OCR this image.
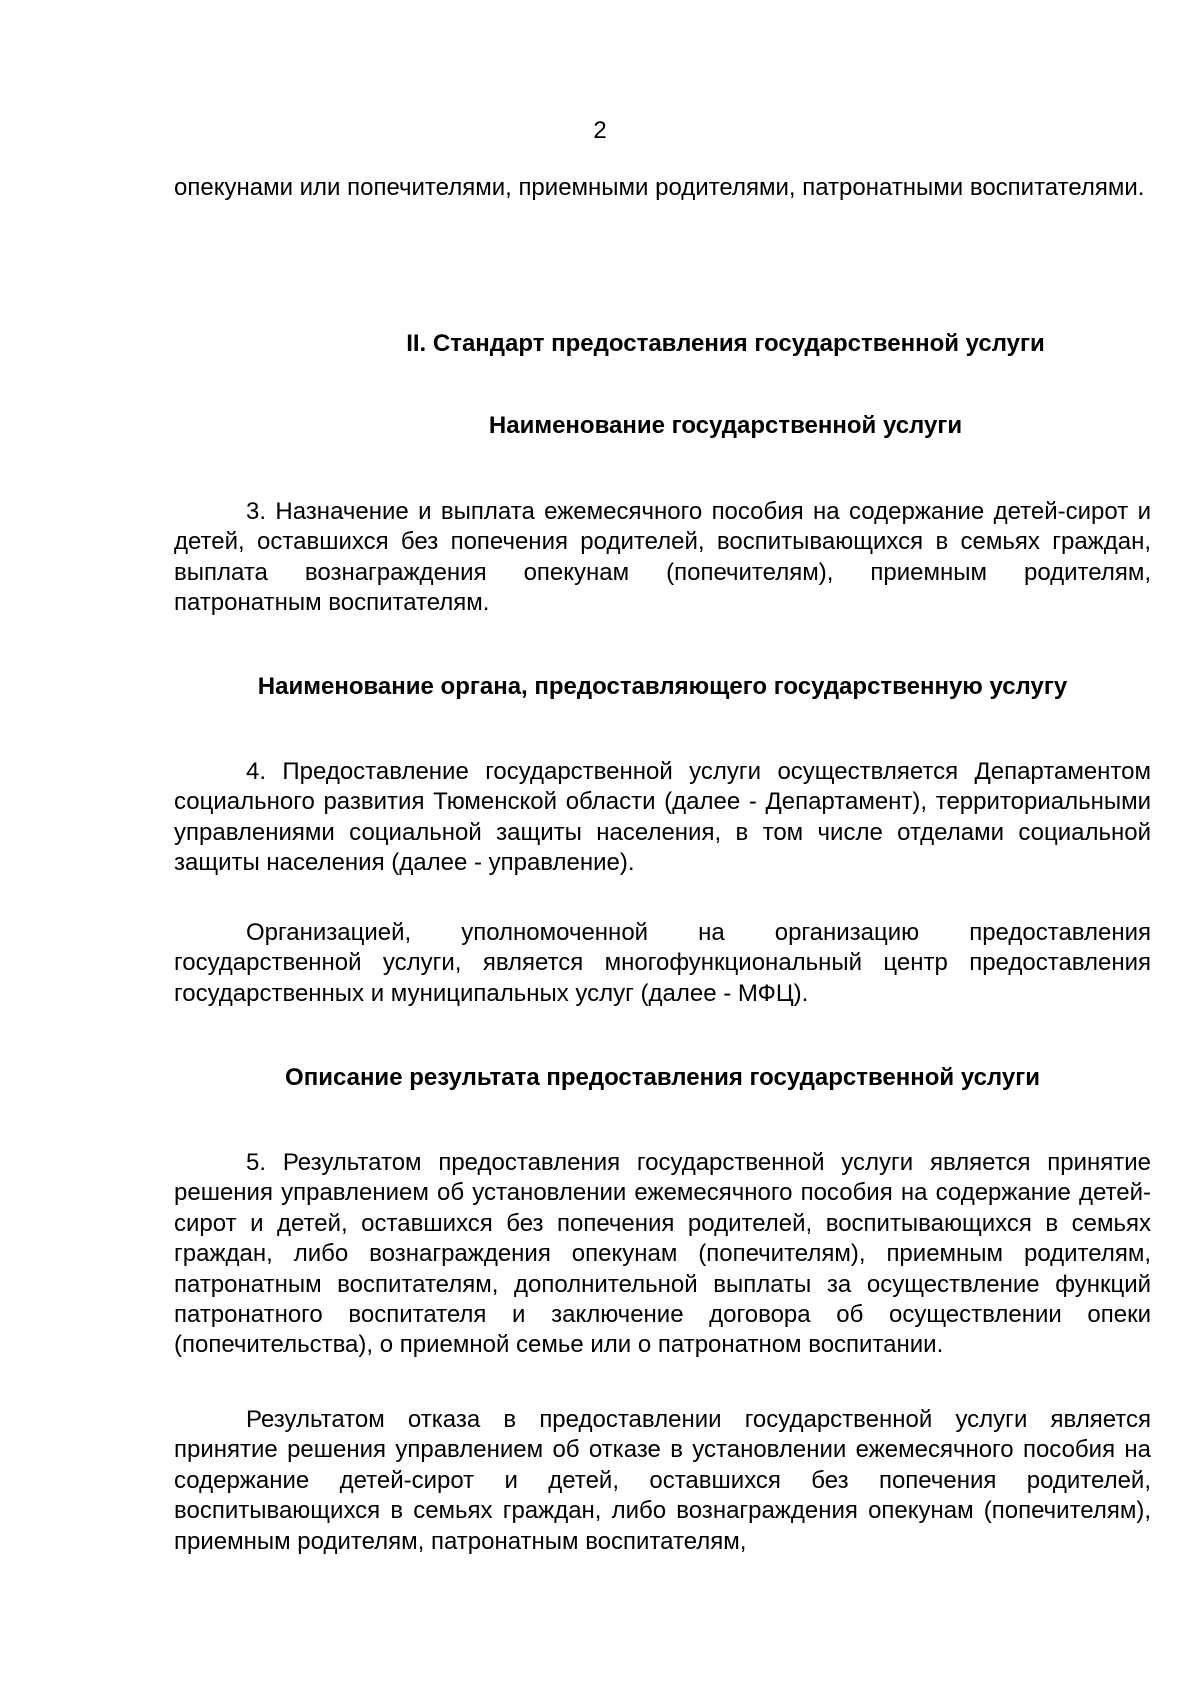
2
опекунами или попечителями, приемными родителями, патронатными воспитателями.
II. Стандарт предоставления государственной услуги
Наименование государственной услуги
3. Назначение и выплата ежемесячного пособия на содержание детей-сирот и детей, оставшихся без попечения родителей, воспитывающихся в семьях граждан, выплата вознаграждения опекунам (попечителям), приемным родителям, патронатным воспитателям.
Наименование органа, предоставляющего государственную услугу
4. Предоставление государственной услуги осуществляется Департаментом социального развития Тюменской области (далее - Департамент), территориальными управлениями социальной защиты населения, в том числе отделами социальной защиты населения (далее - управление).
Организацией, уполномоченной на организацию предоставления государственной услуги, является многофункциональный центр предоставления государственных и муниципальных услуг (далее - МФЦ).
Описание результата предоставления государственной услуги
5. Результатом предоставления государственной услуги является принятие решения управлением об установлении ежемесячного пособия на содержание детей-сирот и детей, оставшихся без попечения родителей, воспитывающихся в семьях граждан, либо вознаграждения опекунам (попечителям), приемным родителям, патронатным воспитателям, дополнительной выплаты за осуществление функций патронатного воспитателя и заключение договора об осуществлении опеки (попечительства), о приемной семье или о патронатном воспитании.
Результатом отказа в предоставлении государственной услуги является принятие решения управлением об отказе в установлении ежемесячного пособия на содержание детей-сирот и детей, оставшихся без попечения родителей, воспитывающихся в семьях граждан, либо вознаграждения опекунам (попечителям), приемным родителям, патронатным воспитателям,
